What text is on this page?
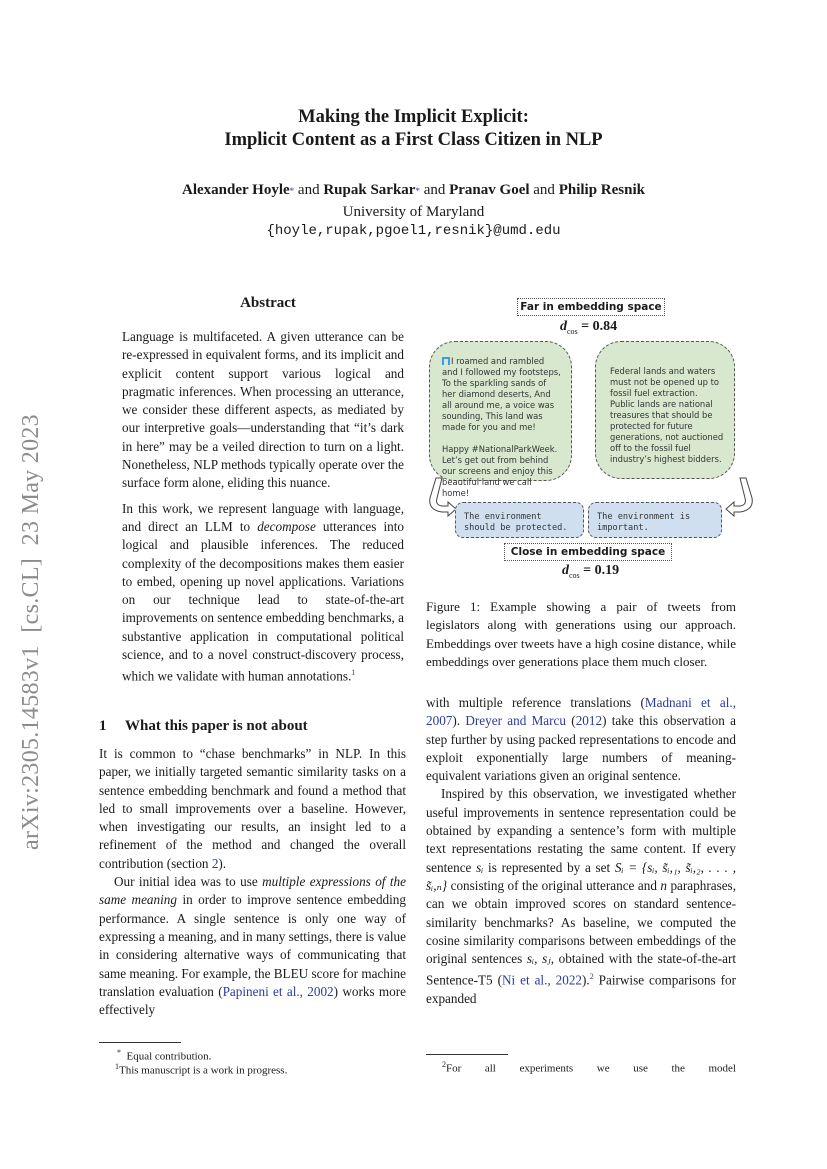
arXiv:2305.14583v1  [cs.CL]  23 May 2023
Making the Implicit Explicit:
Implicit Content as a First Class Citizen in NLP
Alexander Hoyle* and Rupak Sarkar* and Pranav Goel and Philip Resnik
University of Maryland
{hoyle,rupak,pgoel1,resnik}@umd.edu
Abstract

Language is multifaceted. A given utterance can be re-expressed in equivalent forms, and its implicit and explicit content support various logical and pragmatic inferences. When processing an utterance, we consider these different aspects, as mediated by our interpretive goals—understanding that “it’s dark in here” may be a veiled direction to turn on a light. Nonetheless, NLP methods typically operate over the surface form alone, eliding this nuance.

In this work, we represent language with language, and direct an LLM to decompose utterances into logical and plausible inferences. The reduced complexity of the decompositions makes them easier to embed, opening up novel applications. Variations on our technique lead to state-of-the-art improvements on sentence embedding benchmarks, a substantive application in computational political science, and to a novel construct-discovery process, which we validate with human annotations.$^1$

1 What this paper is not about

It is common to “chase benchmarks” in NLP. In this paper, we initially targeted semantic similarity tasks on a sentence embedding benchmark and found a method that led to small improvements over a baseline. However, when investigating our results, an insight led to a refinement of the method and changed the overall contribution (section 2).

Our initial idea was to use multiple expressions of the same meaning in order to improve sentence embedding performance. A single sentence is only one way of expressing a meaning, and in many settings, there is value in considering alternative ways of communicating that same meaning. For example, the BLEU score for machine translation evaluation (Papineni et al., 2002) works more effectively

* Equal contribution.
$^1$This manuscript is a work in progress.
Far in embedding space
$d_{cos} = 0.84$
I roamed and rambled and I followed my footsteps, To the sparkling sands of her diamond deserts, And all around me, a voice was sounding, This land was made for you and me!
Happy #NationalParkWeek. Let’s get out from behind our screens and enjoy this beautiful land we call home!
Federal lands and waters must not be opened up to fossil fuel extraction. Public lands are national treasures that should be protected for future generations, not auctioned off to the fossil fuel industry’s highest bidders.
The environment should be protected.
The environment is important.
Close in embedding space
$d_{cos} = 0.19$
Figure 1: Example showing a pair of tweets from legislators along with generations using our approach. Embeddings over tweets have a high cosine distance, while embeddings over generations place them much closer.

with multiple reference translations (Madnani et al., 2007). Dreyer and Marcu (2012) take this observation a step further by using packed representations to encode and exploit exponentially large numbers of meaning-equivalent variations given an original sentence.

Inspired by this observation, we investigated whether useful improvements in sentence representation could be obtained by expanding a sentence’s form with multiple text representations restating the same content. If every sentence sᵢ is represented by a set Sᵢ = {sᵢ, s̃ᵢ,₁, s̃ᵢ,₂, . . . , s̃ᵢ,ₙ} consisting of the original utterance and n paraphrases, can we obtain improved scores on standard sentence-similarity benchmarks? As baseline, we computed the cosine similarity comparisons between embeddings of the original sentences sᵢ, sⱼ, obtained with the state-of-the-art Sentence-T5 (Ni et al., 2022).$^2$ Pairwise comparisons for expanded

$^2$For all experiments we use the model
